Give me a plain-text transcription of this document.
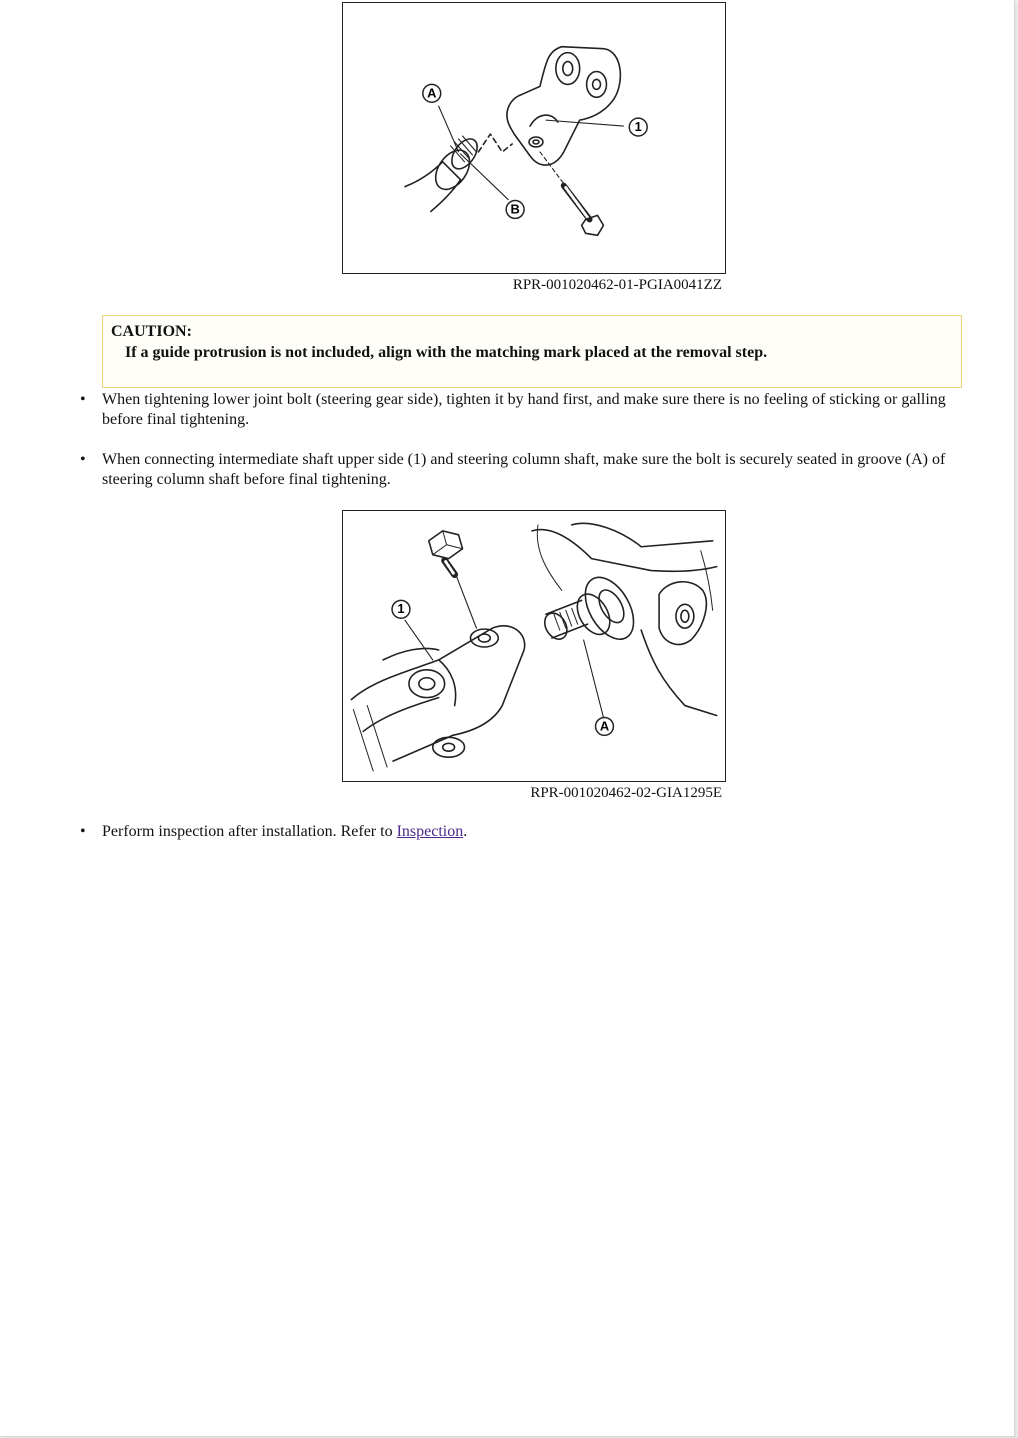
A
B
1
RPR-001020462-01-PGIA0041ZZ
CAUTION:
If a guide protrusion is not included, align with the matching mark placed at the removal step.
•	When tightening lower joint bolt (steering gear side), tighten it by hand first, and make sure there is no feeling of sticking or galling before final tightening.
•	When connecting intermediate shaft upper side (1) and steering column shaft, make sure the bolt is securely seated in groove (A) of steering column shaft before final tightening.
1
A
RPR-001020462-02-GIA1295E
•	Perform inspection after installation. Refer to Inspection.
